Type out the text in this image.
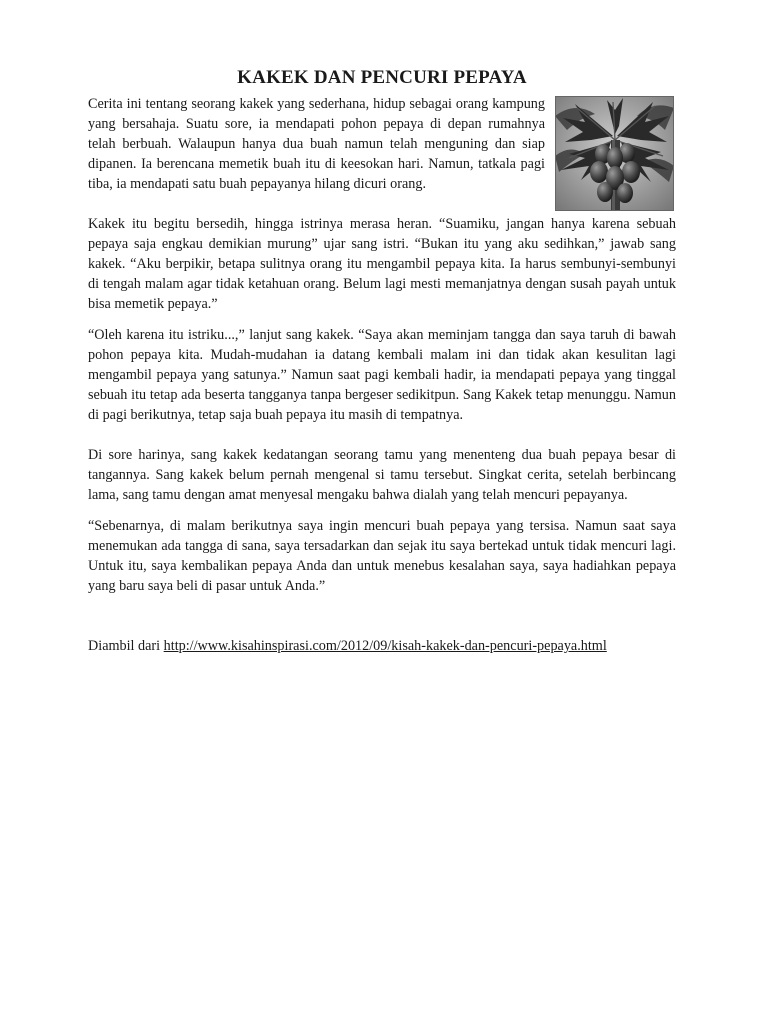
KAKEK DAN PENCURI PEPAYA
Cerita ini tentang seorang kakek yang sederhana, hidup sebagai orang kampung yang bersahaja. Suatu sore, ia mendapati pohon pepaya di depan rumahnya telah berbuah. Walaupun hanya dua buah namun telah menguning dan siap dipanen. Ia berencana memetik buah itu di keesokan hari. Namun, tatkala pagi tiba, ia mendapati satu buah pepayanya hilang dicuri orang.

Kakek itu begitu bersedih, hingga istrinya merasa heran. “Suamiku, jangan hanya karena sebuah pepaya saja engkau demikian murung” ujar sang istri. “Bukan itu yang aku sedihkan,” jawab sang kakek. “Aku berpikir, betapa sulitnya orang itu mengambil pepaya kita. Ia harus sembunyi-sembunyi di tengah malam agar tidak ketahuan orang. Belum lagi mesti memanjatnya dengan susah payah untuk bisa memetik pepaya.”

“Oleh karena itu istriku...,” lanjut sang kakek. “Saya akan meminjam tangga dan saya taruh di bawah pohon pepaya kita. Mudah-mudahan ia datang kembali malam ini dan tidak akan kesulitan lagi mengambil pepaya yang satunya.” Namun saat pagi kembali hadir, ia mendapati pepaya yang tinggal sebuah itu tetap ada beserta tangganya tanpa bergeser sedikitpun. Sang Kakek tetap menunggu. Namun di pagi berikutnya, tetap saja buah pepaya itu masih di tempatnya.

Di sore harinya, sang kakek kedatangan seorang tamu yang menenteng dua buah pepaya besar di tangannya. Sang kakek belum pernah mengenal si tamu tersebut. Singkat cerita, setelah berbincang lama, sang tamu dengan amat menyesal mengaku bahwa dialah yang telah mencuri pepayanya.

“Sebenarnya, di malam berikutnya saya ingin mencuri buah pepaya yang tersisa. Namun saat saya menemukan ada tangga di sana, saya tersadarkan dan sejak itu saya bertekad untuk tidak mencuri lagi. Untuk itu, saya kembalikan pepaya Anda dan untuk menebus kesalahan saya, saya hadiahkan pepaya yang baru saya beli di pasar untuk Anda.”

Diambil dari http://www.kisahinspirasi.com/2012/09/kisah-kakek-dan-pencuri-pepaya.html
